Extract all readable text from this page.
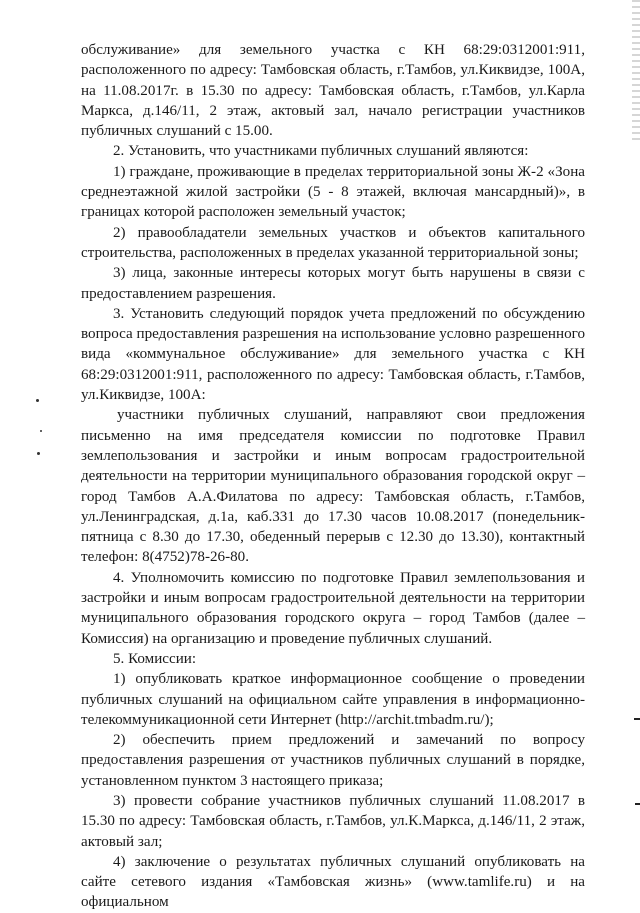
обслуживание» для земельного участка с КН 68:29:0312001:911, расположенного по адресу: Тамбовская область, г.Тамбов, ул.Киквидзе, 100А, на 11.08.2017г. в 15.30 по адресу: Тамбовская область, г.Тамбов, ул.Карла Маркса, д.146/11, 2 этаж, актовый зал, начало регистрации участников публичных слушаний с 15.00.

2. Установить, что участниками публичных слушаний являются:

1) граждане, проживающие в пределах территориальной зоны Ж-2 «Зона среднеэтажной жилой застройки (5 - 8 этажей, включая мансардный)», в границах которой расположен земельный участок;

2) правообладатели земельных участков и объектов капитального строительства, расположенных в пределах указанной территориальной зоны;

3) лица, законные интересы которых могут быть нарушены в связи с предоставлением разрешения.

3. Установить следующий порядок учета предложений по обсуждению вопроса предоставления разрешения на использование условно разрешенного вида «коммунальное обслуживание» для земельного участка с КН 68:29:0312001:911, расположенного по адресу: Тамбовская область, г.Тамбов, ул.Киквидзе, 100А:

участники публичных слушаний, направляют свои предложения письменно на имя председателя комиссии по подготовке Правил землепользования и застройки и иным вопросам градостроительной деятельности на территории муниципального образования городской округ – город Тамбов А.А.Филатова по адресу: Тамбовская область, г.Тамбов, ул.Ленинградская, д.1а, каб.331 до 17.30 часов 10.08.2017 (понедельник-пятница с 8.30 до 17.30, обеденный перерыв с 12.30 до 13.30), контактный телефон: 8(4752)78-26-80.

4. Уполномочить комиссию по подготовке Правил землепользования и застройки и иным вопросам градостроительной деятельности на территории муниципального образования городского округа – город Тамбов (далее – Комиссия) на организацию и проведение публичных слушаний.

5. Комиссии:

1) опубликовать краткое информационное сообщение о проведении публичных слушаний на официальном сайте управления в информационно-телекоммуникационной сети Интернет (http://archit.tmbadm.ru/);

2) обеспечить прием предложений и замечаний по вопросу предоставления разрешения от участников публичных слушаний в порядке, установленном пунктом 3 настоящего приказа;

3) провести собрание участников публичных слушаний 11.08.2017 в 15.30 по адресу: Тамбовская область, г.Тамбов, ул.К.Маркса, д.146/11, 2 этаж, актовый зал;

4) заключение о результатах публичных слушаний опубликовать на сайте сетевого издания «Тамбовская жизнь» (www.tamlife.ru) и на официальном
